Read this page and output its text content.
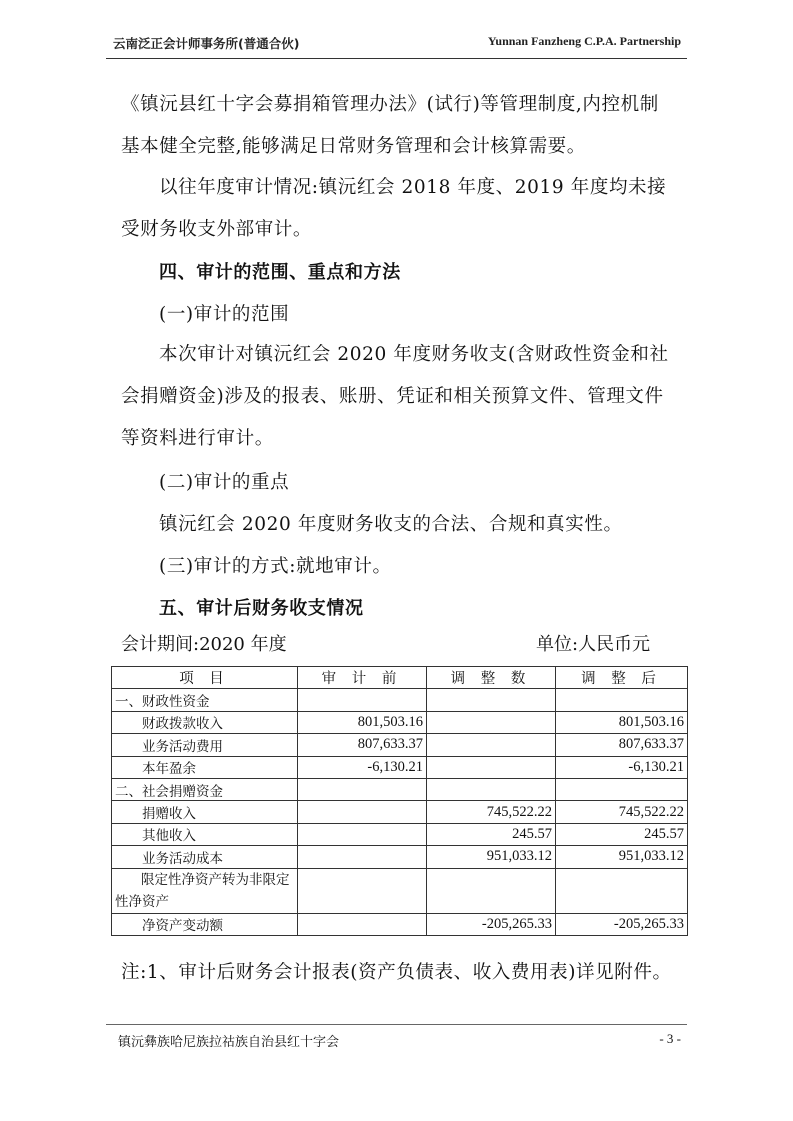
云南泛正会计师事务所(普通合伙)	Yunnan Fanzheng C.P.A. Partnership
《镇沅县红十字会募捐箱管理办法》(试行)等管理制度,内控机制
基本健全完整,能够满足日常财务管理和会计核算需要。
以往年度审计情况:镇沅红会 2018 年度、2019 年度均未接受财务收支外部审计。
四、审计的范围、重点和方法
(一)审计的范围
本次审计对镇沅红会 2020 年度财务收支(含财政性资金和社会捐赠资金)涉及的报表、账册、凭证和相关预算文件、管理文件等资料进行审计。
(二)审计的重点
镇沅红会 2020 年度财务收支的合法、合规和真实性。
(三)审计的方式:就地审计。
五、审计后财务收支情况
会计期间:2020 年度	单位:人民币元
项 目	审 计 前	调 整 数	调 整 后
一、财政性资金			
财政拨款收入	801,503.16		801,503.16
业务活动费用	807,633.37		807,633.37
本年盈余	-6,130.21		-6,130.21
二、社会捐赠资金			
捐赠收入		745,522.22	745,522.22
其他收入		245.57	245.57
业务活动成本		951,033.12	951,033.12
限定性净资产转为非限定性净资产			
净资产变动额		-205,265.33	-205,265.33
注:1、审计后财务会计报表(资产负债表、收入费用表)详见附件。
镇沅彝族哈尼族拉祜族自治县红十字会	- 3 -
